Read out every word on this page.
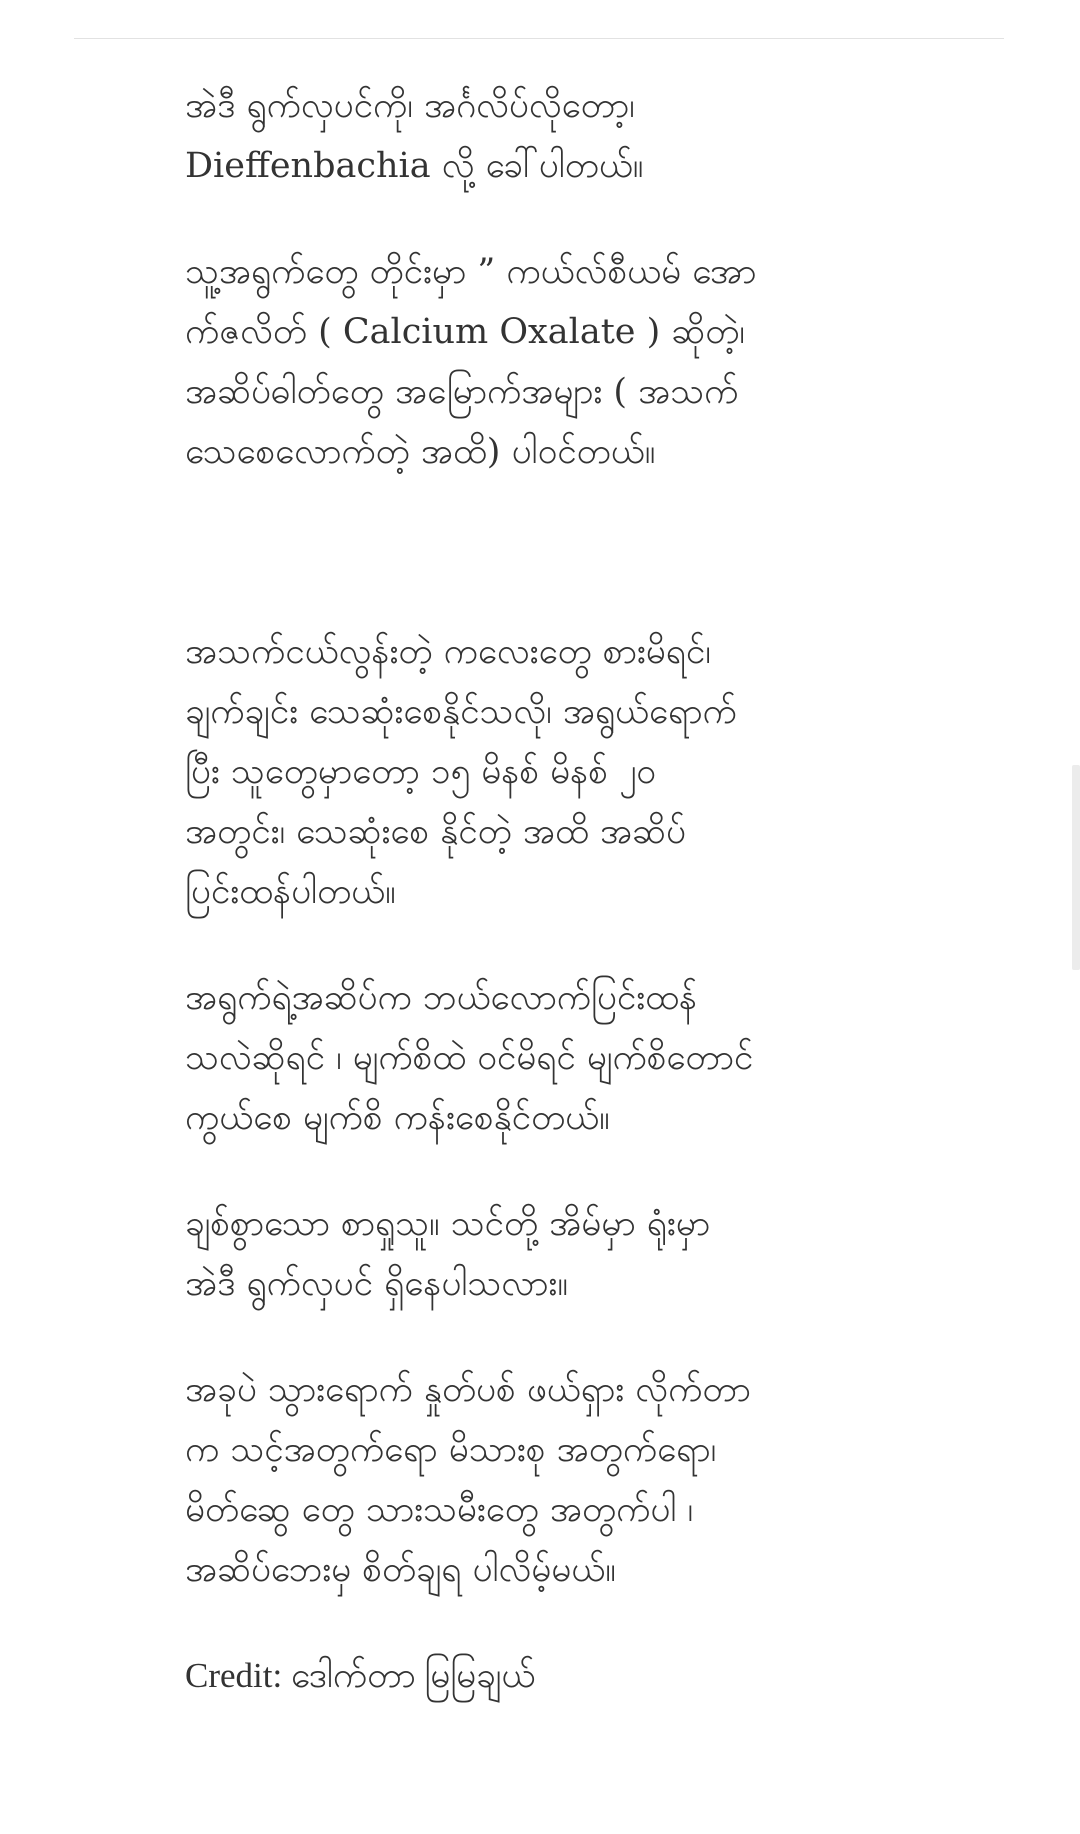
အဲဒီ ရွက်လှပင်ကို၊ အင်္ဂလိပ်လိုတော့၊
Dieffenbachia လို့ ခေါ်ပါတယ်။

သူ့အရွက်တွေ တိုင်းမှာ ” ကယ်လ်စီယမ် အော
က်ဇလိတ် ( Calcium Oxalate ) ဆိုတဲ့၊
အဆိပ်ဓါတ်တွေ အမြောက်အများ ( အသက်
သေစေလောက်တဲ့ အထိ) ပါဝင်တယ်။

အသက်ငယ်လွန်းတဲ့ ကလေးတွေ စားမိရင်၊
ချက်ချင်း သေဆုံးစေနိုင်သလို၊ အရွယ်ရောက်
ပြီး သူတွေမှာတော့ ၁၅ မိနစ် မိနစ် ၂၀
အတွင်း၊ သေဆုံးစေ နိုင်တဲ့ အထိ အဆိပ်
ပြင်းထန်ပါတယ်။

အရွက်ရဲ့အဆိပ်က ဘယ်လောက်ပြင်းထန်
သလဲဆိုရင် ၊ မျက်စိထဲ ဝင်မိရင် မျက်စိတောင်
ကွယ်စေ မျက်စိ ကန်းစေနိုင်တယ်။

ချစ်စွာသော စာရှုသူ။ သင်တို့ အိမ်မှာ ရုံးမှာ
အဲဒီ ရွက်လှပင် ရှိနေပါသလား။

အခုပဲ သွားရောက် နှုတ်ပစ် ဖယ်ရှား လိုက်တာ
က သင့်အတွက်ရော မိသားစု အတွက်ရော၊
မိတ်ဆွေ တွေ သားသမီးတွေ အတွက်ပါ ၊
အဆိပ်ဘေးမှ စိတ်ချရ ပါလိမ့်မယ်။

Credit: ဒေါက်တာ မြမြချယ်
